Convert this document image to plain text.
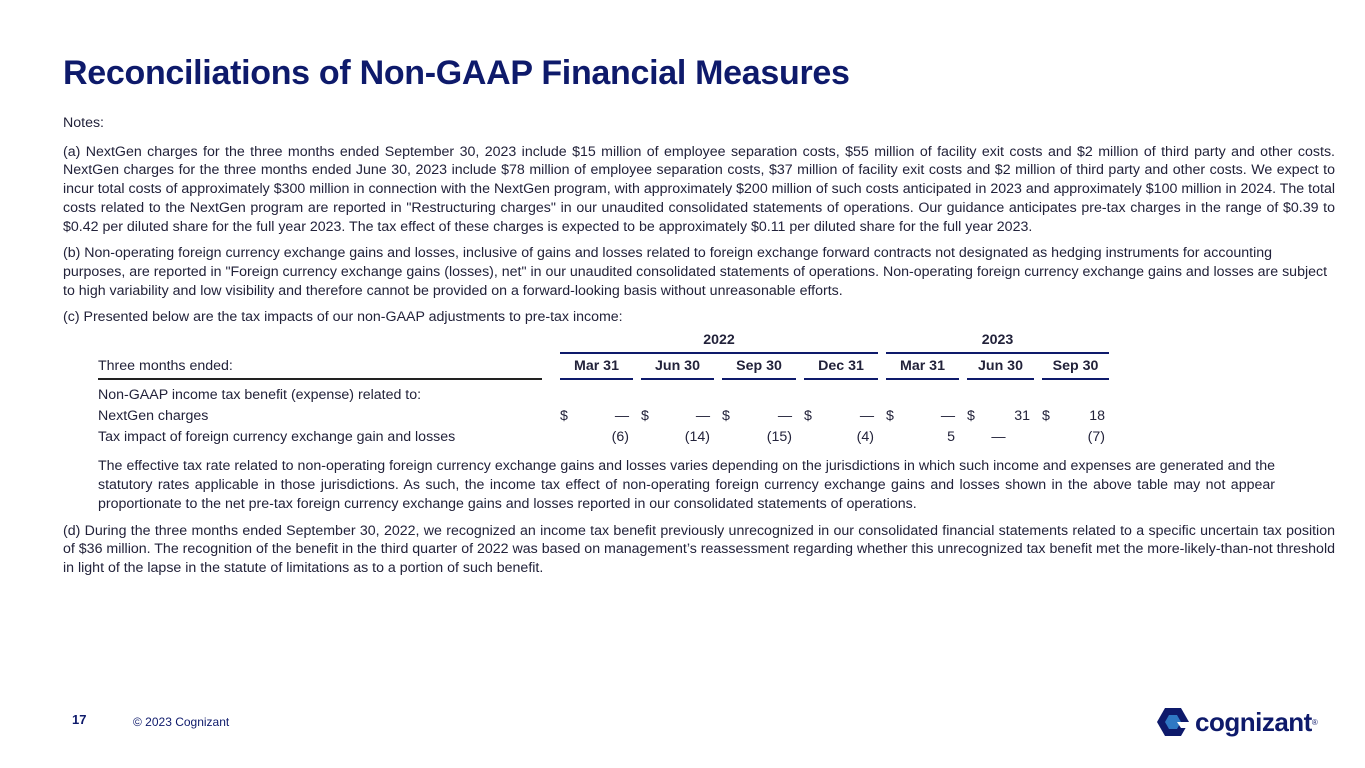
Reconciliations of Non-GAAP Financial Measures

Notes:

(a) NextGen charges for the three months ended September 30, 2023 include $15 million of employee separation costs, $55 million of facility exit costs and $2 million of third party and other costs. NextGen charges for the three months ended June 30, 2023 include $78 million of employee separation costs, $37 million of facility exit costs and $2 million of third party and other costs. We expect to incur total costs of approximately $300 million in connection with the NextGen program, with approximately $200 million of such costs anticipated in 2023 and approximately $100 million in 2024. The total costs related to the NextGen program are reported in "Restructuring charges" in our unaudited consolidated statements of operations. Our guidance anticipates pre-tax charges in the range of $0.39 to $0.42 per diluted share for the full year 2023. The tax effect of these charges is expected to be approximately $0.11 per diluted share for the full year 2023.

(b) Non-operating foreign currency exchange gains and losses, inclusive of gains and losses related to foreign exchange forward contracts not designated as hedging instruments for accounting purposes, are reported in "Foreign currency exchange gains (losses), net" in our unaudited consolidated statements of operations. Non-operating foreign currency exchange gains and losses are subject to high variability and low visibility and therefore cannot be provided on a forward-looking basis without unreasonable efforts.

(c) Presented below are the tax impacts of our non-GAAP adjustments to pre-tax income:

	2022				2023		

Three months ended:	Mar 31	Jun 30	Sep 30	Dec 31	Mar 31	Jun 30	Sep 30

Non-GAAP income tax benefit (expense) related to:							
NextGen charges	$ —	$ —	$ —	$ —	$ —	$ 31	$ 18

Tax impact of foreign currency exchange gain and losses	(6)	(14)	(15)	(4)	5	—	(7)

The effective tax rate related to non-operating foreign currency exchange gains and losses varies depending on the jurisdictions in which such income and expenses are generated and the statutory rates applicable in those jurisdictions. As such, the income tax effect of non-operating foreign currency exchange gains and losses shown in the above table may not appear proportionate to the net pre-tax foreign currency exchange gains and losses reported in our consolidated statements of operations.

(d) During the three months ended September 30, 2022, we recognized an income tax benefit previously unrecognized in our consolidated financial statements related to a specific uncertain tax position of $36 million. The recognition of the benefit in the third quarter of 2022 was based on management’s reassessment regarding whether this unrecognized tax benefit met the more-likely-than-not threshold in light of the lapse in the statute of limitations as to a portion of such benefit.

17	© 2023 Cognizant	cognizant ®
